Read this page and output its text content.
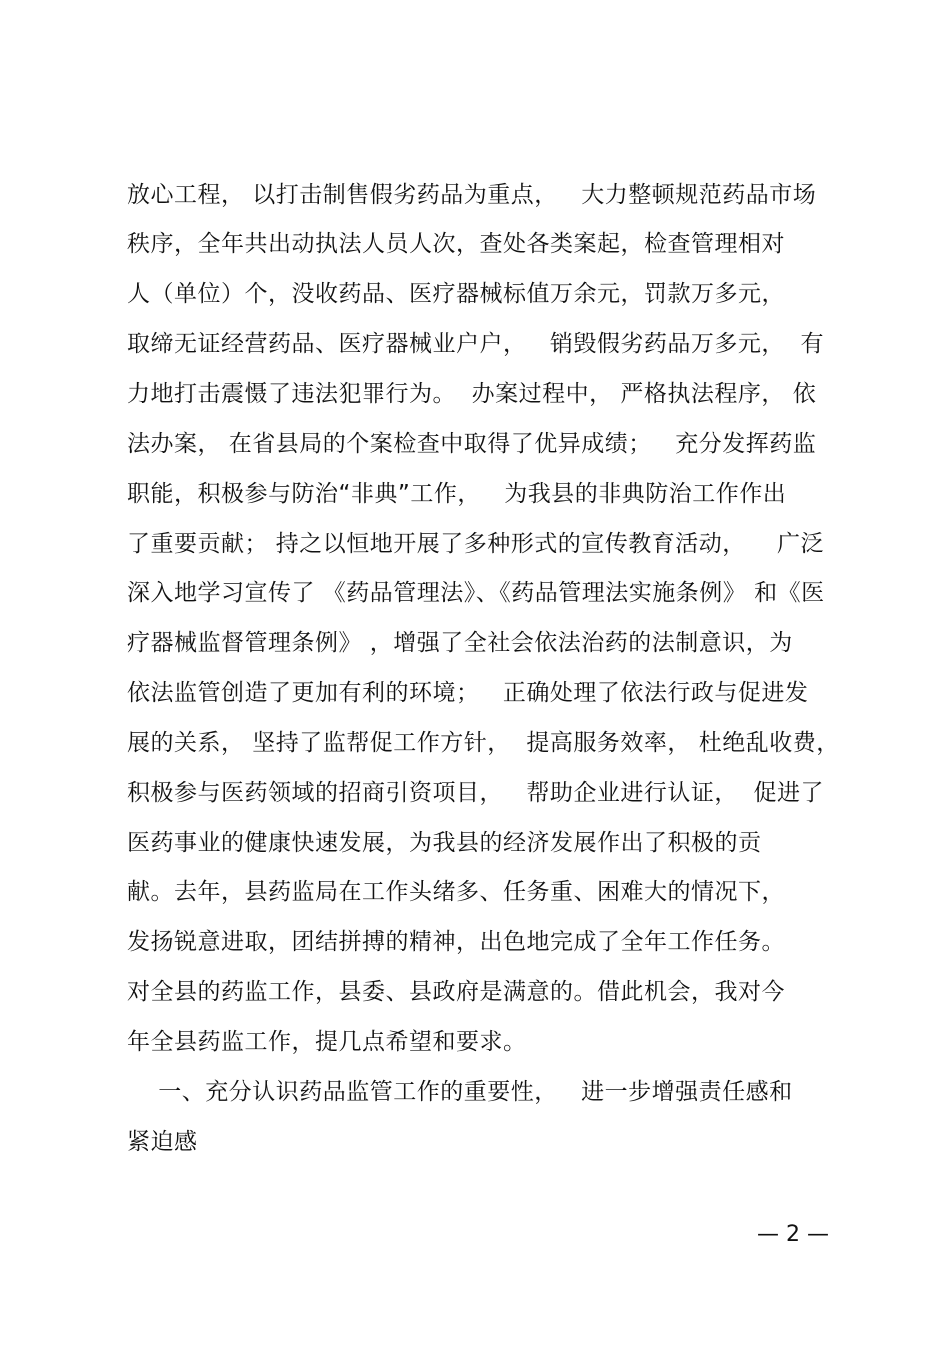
放心工程， 以打击制售假劣药品为重点，   大力整顿规范药品市场
秩序，全年共出动执法人员人次，查处各类案起，检查管理相对
人（单位）个，没收药品、医疗器械标值万余元，罚款万多元，
取缔无证经营药品、医疗器械业户户，   销毁假劣药品万多元，  有
力地打击震慑了违法犯罪行为。  办案过程中， 严格执法程序， 依
法办案， 在省县局的个案检查中取得了优异成绩；   充分发挥药监
职能，积极参与防治“非典”工作，   为我县的非典防治工作作出
了重要贡献； 持之以恒地开展了多种形式的宣传教育活动，    广泛
深入地学习宣传了 《药品管理法》、《药品管理法实施条例》 和《医
疗器械监督管理条例》 ，增强了全社会依法治药的法制意识，为
依法监管创造了更加有利的环境；   正确处理了依法行政与促进发
展的关系， 坚持了监帮促工作方针，  提高服务效率， 杜绝乱收费，
积极参与医药领域的招商引资项目，   帮助企业进行认证，  促进了
医药事业的健康快速发展，为我县的经济发展作出了积极的贡
献。去年，县药监局在工作头绪多、任务重、困难大的情况下，
发扬锐意进取，团结拼搏的精神，出色地完成了全年工作任务。
对全县的药监工作，县委、县政府是满意的。借此机会，我对今
年全县药监工作，提几点希望和要求。
一、充分认识药品监管工作的重要性，   进一步增强责任感和
紧迫感
— 2 —
